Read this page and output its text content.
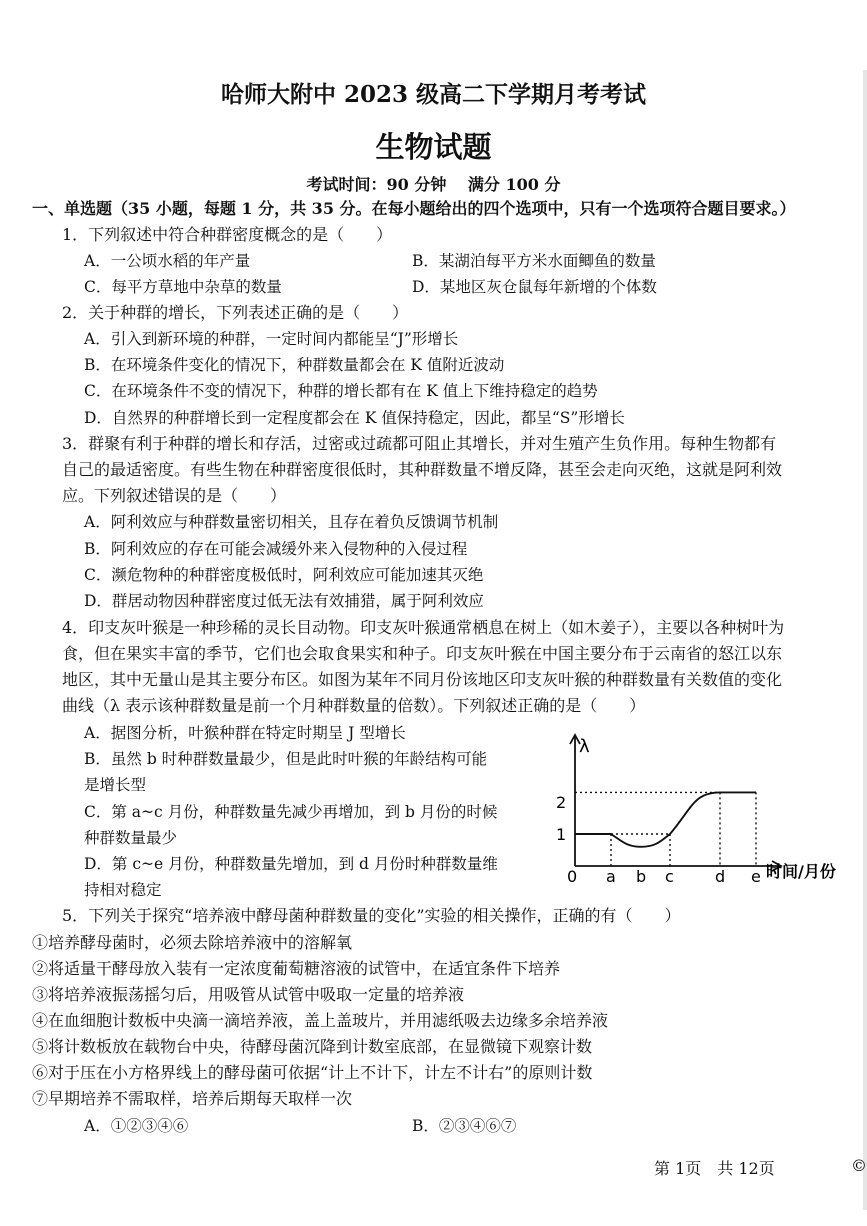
哈师大附中 2023 级高二下学期月考考试
生物试题
考试时间：90 分钟　 满分 100 分
一、单选题（35 小题，每题 1 分，共 35 分。在每小题给出的四个选项中，只有一个选项符合题目要求。）
1．下列叙述中符合种群密度概念的是（　　）
A．一公顷水稻的年产量	B．某湖泊每平方米水面鲫鱼的数量
C．每平方草地中杂草的数量	D．某地区灰仓鼠每年新增的个体数
2．关于种群的增长，下列表述正确的是（　　）
A．引入到新环境的种群，一定时间内都能呈“J”形增长
B．在环境条件变化的情况下，种群数量都会在 K 值附近波动
C．在环境条件不变的情况下，种群的增长都有在 K 值上下维持稳定的趋势
D．自然界的种群增长到一定程度都会在 K 值保持稳定，因此，都呈“S”形增长
3．群聚有利于种群的增长和存活，过密或过疏都可阻止其增长，并对生殖产生负作用。每种生物都有
自己的最适密度。有些生物在种群密度很低时，其种群数量不增反降，甚至会走向灭绝，这就是阿利效
应。下列叙述错误的是（　　）
A．阿利效应与种群数量密切相关，且存在着负反馈调节机制
B．阿利效应的存在可能会减缓外来入侵物种的入侵过程
C．濒危物种的种群密度极低时，阿利效应可能加速其灭绝
D．群居动物因种群密度过低无法有效捕猎，属于阿利效应
4．印支灰叶猴是一种珍稀的灵长目动物。印支灰叶猴通常栖息在树上（如木姜子），主要以各种树叶为
食，但在果实丰富的季节，它们也会取食果实和种子。印支灰叶猴在中国主要分布于云南省的怒江以东
地区，其中无量山是其主要分布区。如图为某年不同月份该地区印支灰叶猴的种群数量有关数值的变化
曲线（λ 表示该种群数量是前一个月种群数量的倍数）。下列叙述正确的是（　　）
A．据图分析，叶猴种群在特定时期呈 J 型增长
B．虽然 b 时种群数量最少，但是此时叶猴的年龄结构可能
是增长型
C．第 a~c 月份，种群数量先减少再增加，到 b 月份的时候
种群数量最少
D．第 c~e 月份，种群数量先增加，到 d 月份时种群数量维
持相对稳定
λ
时间/月份
0
1
2
a b c	d e
5．下列关于探究“培养液中酵母菌种群数量的变化”实验的相关操作，正确的有（　　）
①培养酵母菌时，必须去除培养液中的溶解氧
②将适量干酵母放入装有一定浓度葡萄糖溶液的试管中，在适宜条件下培养
③将培养液振荡摇匀后，用吸管从试管中吸取一定量的培养液
④在血细胞计数板中央滴一滴培养液，盖上盖玻片，并用滤纸吸去边缘多余培养液
⑤将计数板放在载物台中央，待酵母菌沉降到计数室底部，在显微镜下观察计数
⑥对于压在小方格界线上的酵母菌可依据“计上不计下，计左不计右”的原则计数
⑦早期培养不需取样，培养后期每天取样一次
A．①②③④⑥	B．②③④⑥⑦
第 1页　共 12页	©
